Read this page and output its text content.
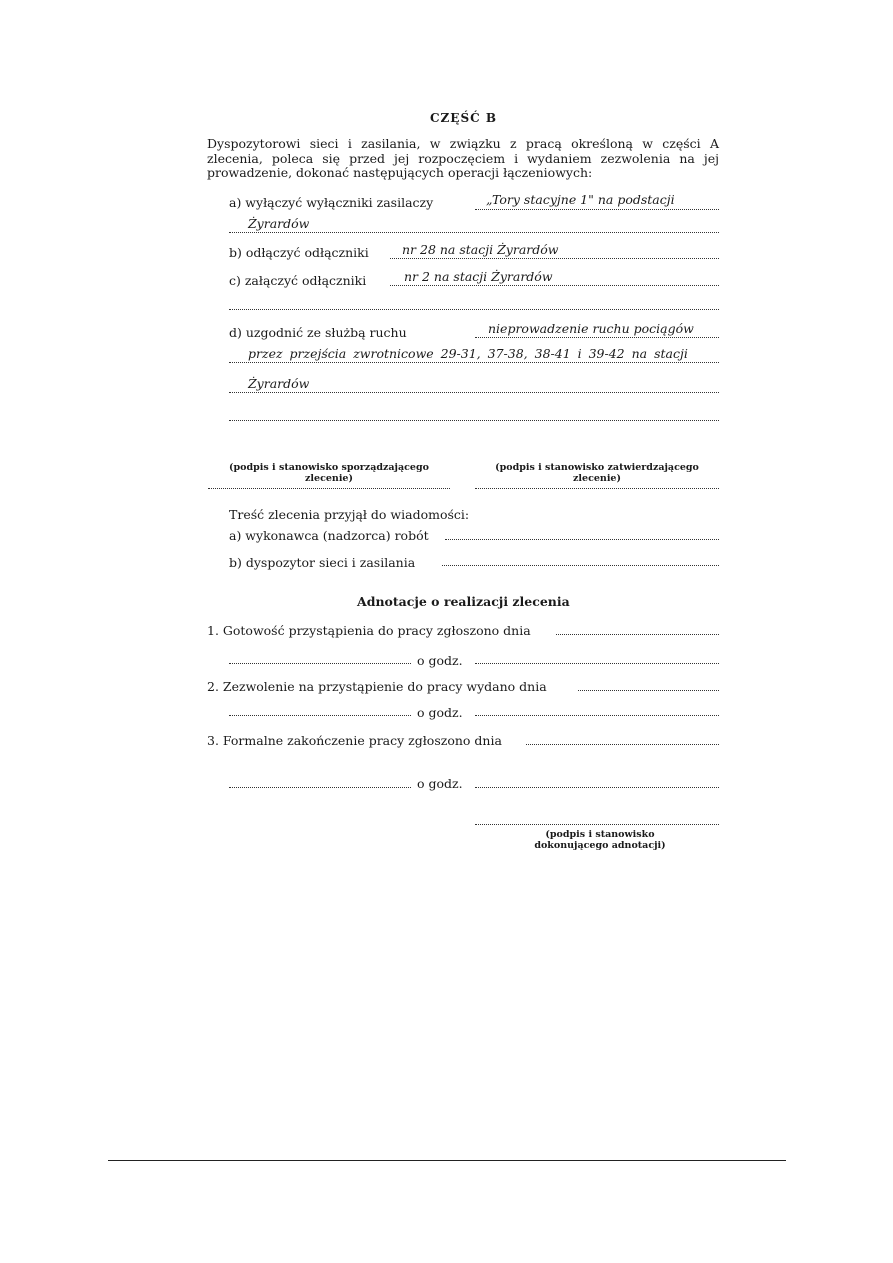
CZĘŚĆ B
Dyspozytorowi sieci i zasilania, w związku z pracą określoną w części A zlecenia, poleca się przed jej rozpoczęciem i wydaniem zezwolenia na jej prowadzenie, dokonać następujących operacji łączeniowych:
a) wyłączyć wyłączniki zasilaczy	„Tory stacyjne 1" na podstacji
Żyrardów
b) odłączyć odłączniki	nr 28 na stacji Żyrardów
c) załączyć odłączniki	nr 2 na stacji Żyrardów
d) uzgodnić ze służbą ruchu	nieprowadzenie ruchu pociągów
przez przejścia zwrotnicowe 29-31, 37-38, 38-41 i 39-42 na stacji
Żyrardów
(podpis i stanowisko sporządzającego zlecenie)
(podpis i stanowisko zatwierdzającego zlecenie)
Treść zlecenia przyjął do wiadomości:
a) wykonawca (nadzorca) robót
b) dyspozytor sieci i zasilania
Adnotacje o realizacji zlecenia
1. Gotowość przystąpienia do pracy zgłoszono dnia
o godz.
2. Zezwolenie na przystąpienie do pracy wydano dnia
o godz.
3. Formalne zakończenie pracy zgłoszono dnia
o godz.
(podpis i stanowisko dokonującego adnotacji)
